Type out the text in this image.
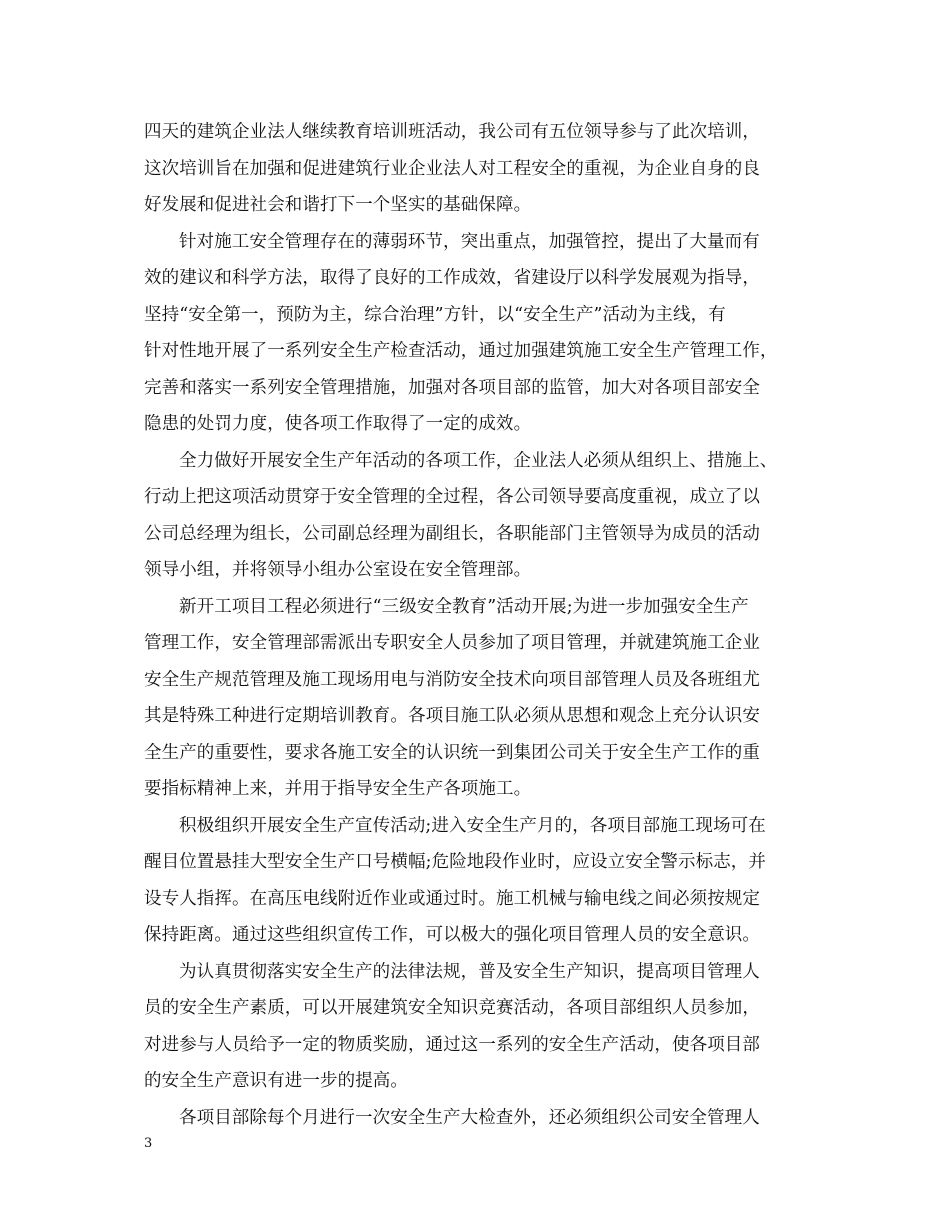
四天的建筑企业法人继续教育培训班活动，我公司有五位领导参与了此次培训，
这次培训旨在加强和促进建筑行业企业法人对工程安全的重视，为企业自身的良
好发展和促进社会和谐打下一个坚实的基础保障。
针对施工安全管理存在的薄弱环节，突出重点，加强管控，提出了大量而有
效的建议和科学方法，取得了良好的工作成效，省建设厅以科学发展观为指导，
坚持“安全第一，预防为主，综合治理”方针，以“安全生产”活动为主线，有
针对性地开展了一系列安全生产检查活动，通过加强建筑施工安全生产管理工作，
完善和落实一系列安全管理措施，加强对各项目部的监管，加大对各项目部安全
隐患的处罚力度，使各项工作取得了一定的成效。
全力做好开展安全生产年活动的各项工作，企业法人必须从组织上、措施上、
行动上把这项活动贯穿于安全管理的全过程，各公司领导要高度重视，成立了以
公司总经理为组长，公司副总经理为副组长，各职能部门主管领导为成员的活动
领导小组，并将领导小组办公室设在安全管理部。
新开工项目工程必须进行“三级安全教育”活动开展;为进一步加强安全生产
管理工作，安全管理部需派出专职安全人员参加了项目管理，并就建筑施工企业
安全生产规范管理及施工现场用电与消防安全技术向项目部管理人员及各班组尤
其是特殊工种进行定期培训教育。各项目施工队必须从思想和观念上充分认识安
全生产的重要性，要求各施工安全的认识统一到集团公司关于安全生产工作的重
要指标精神上来，并用于指导安全生产各项施工。
积极组织开展安全生产宣传活动;进入安全生产月的，各项目部施工现场可在
醒目位置悬挂大型安全生产口号横幅;危险地段作业时，应设立安全警示标志，并
设专人指挥。在高压电线附近作业或通过时。施工机械与输电线之间必须按规定
保持距离。通过这些组织宣传工作，可以极大的强化项目管理人员的安全意识。
为认真贯彻落实安全生产的法律法规，普及安全生产知识，提高项目管理人
员的安全生产素质，可以开展建筑安全知识竞赛活动，各项目部组织人员参加，
对进参与人员给予一定的物质奖励，通过这一系列的安全生产活动，使各项目部
的安全生产意识有进一步的提高。
各项目部除每个月进行一次安全生产大检查外，还必须组织公司安全管理人
3
